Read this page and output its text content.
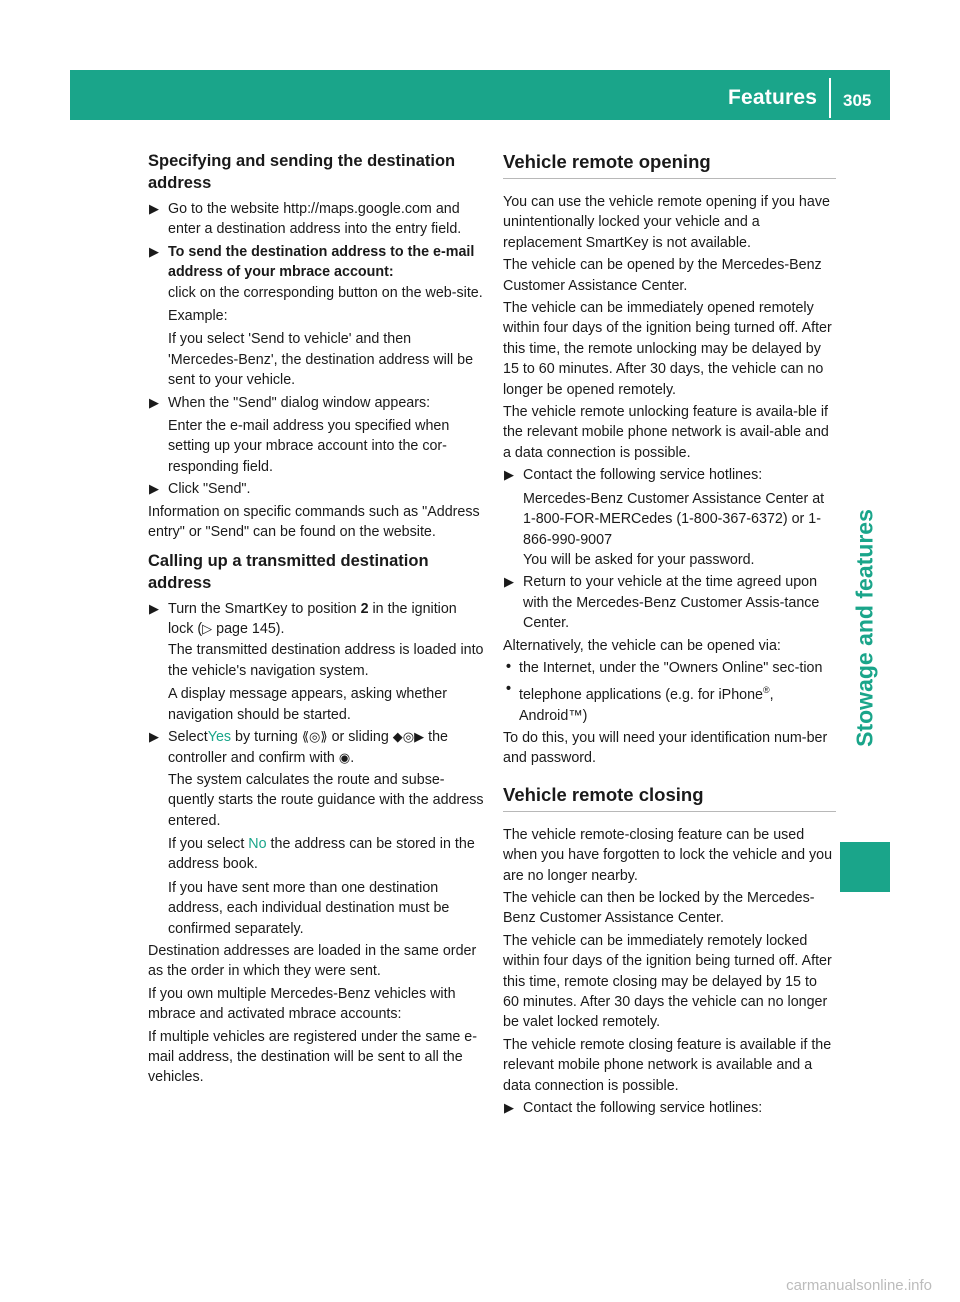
Features 305
Stowage and features
Specifying and sending the destination address
▶ Go to the website http://maps.google.com and enter a destination address into the entry field.
▶ To send the destination address to the e-mail address of your mbrace account:
click on the corresponding button on the web-site.
Example:
If you select 'Send to vehicle' and then 'Mercedes-Benz', the destination address will be sent to your vehicle.
▶ When the "Send" dialog window appears:
Enter the e-mail address you specified when setting up your mbrace account into the cor-responding field.
▶ Click "Send".

Information on specific commands such as "Address entry" or "Send" can be found on the website.

Calling up a transmitted destination address
▶ Turn the SmartKey to position 2 in the ignition lock (▷ page 145).
The transmitted destination address is loaded into the vehicle's navigation system.
A display message appears, asking whether navigation should be started.
▶ SelectYes by turning ⟪◎⟫ or sliding ◆◎▶ the controller and confirm with ◉.
The system calculates the route and subse-quently starts the route guidance with the address entered.
If you select No the address can be stored in the address book.
If you have sent more than one destination address, each individual destination must be confirmed separately.

Destination addresses are loaded in the same order as the order in which they were sent.

If you own multiple Mercedes-Benz vehicles with mbrace and activated mbrace accounts:

If multiple vehicles are registered under the same e-mail address, the destination will be sent to all the vehicles.

Vehicle remote opening

You can use the vehicle remote opening if you have unintentionally locked your vehicle and a replacement SmartKey is not available.

The vehicle can be opened by the Mercedes-Benz Customer Assistance Center.

The vehicle can be immediately opened remotely within four days of the ignition being turned off. After this time, the remote unlocking may be delayed by 15 to 60 minutes. After 30 days, the vehicle can no longer be opened remotely.

The vehicle remote unlocking feature is availa-ble if the relevant mobile phone network is avail-able and a data connection is possible.

▶ Contact the following service hotlines:
Mercedes-Benz Customer Assistance Center at 1-800-FOR-MERCedes (1-800-367-6372) or 1-866-990-9007
You will be asked for your password.
▶ Return to your vehicle at the time agreed upon with the Mercedes-Benz Customer Assis-tance Center.

Alternatively, the vehicle can be opened via:

• the Internet, under the "Owners Online" sec-tion
• telephone applications (e.g. for iPhone®, Android™)

To do this, you will need your identification num-ber and password.

Vehicle remote closing

The vehicle remote-closing feature can be used when you have forgotten to lock the vehicle and you are no longer nearby.

The vehicle can then be locked by the Mercedes-Benz Customer Assistance Center.

The vehicle can be immediately remotely locked within four days of the ignition being turned off. After this time, remote closing may be delayed by 15 to 60 minutes. After 30 days the vehicle can no longer be valet locked remotely.

The vehicle remote closing feature is available if the relevant mobile phone network is available and a data connection is possible.

▶ Contact the following service hotlines:
carmanualsonline.info
